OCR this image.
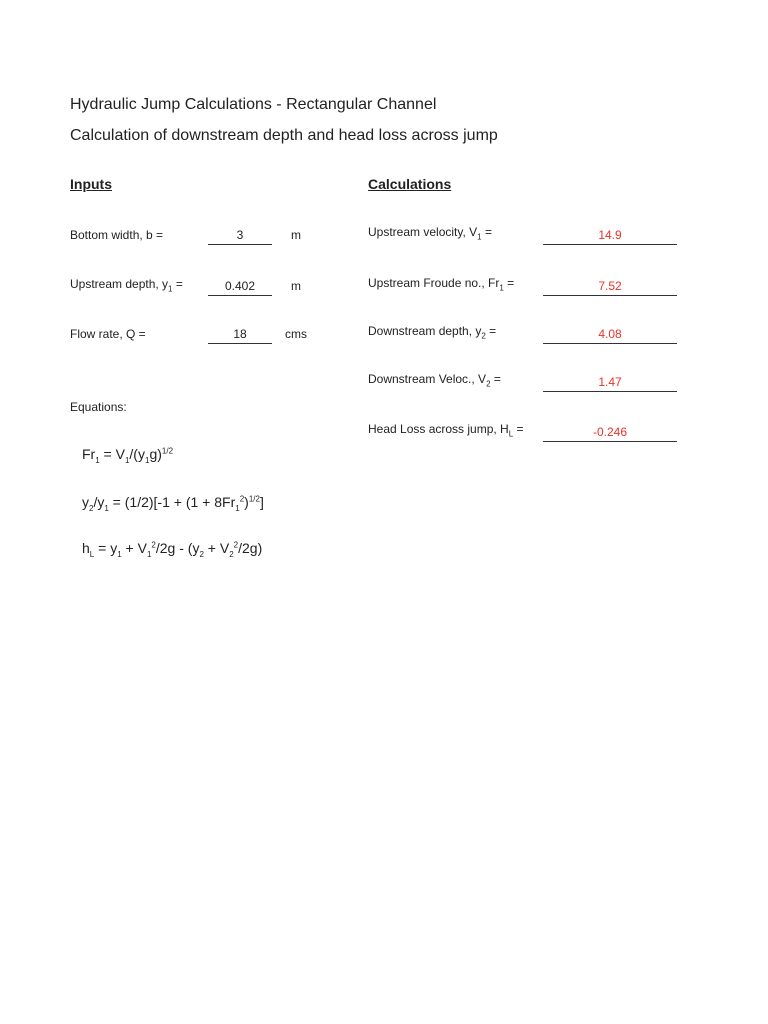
Hydraulic Jump Calculations - Rectangular Channel
Calculation of downstream depth and head loss across jump
Inputs	Calculations
Bottom width, b =	3	m
Upstream depth, $y_1$ =	0.402	m
Flow rate, Q =	18	cms
Equations:
$Fr_1 = V_1/(y_1g)^{1/2}$
$y_2/y_1 = (1/2)[-1 + (1 + 8Fr_1^2)^{1/2}]$
$h_L = y_1 + V_1^2/2g - (y_2 + V_2^2/2g)$
Upstream velocity, $V_1$ =	14.9
Upstream Froude no., $Fr_1$ =	7.52
Downstream depth, $y_2$ =	4.08
Downstream Veloc., $V_2$ =	1.47
Head Loss across jump, $H_L$ =	-0.246
